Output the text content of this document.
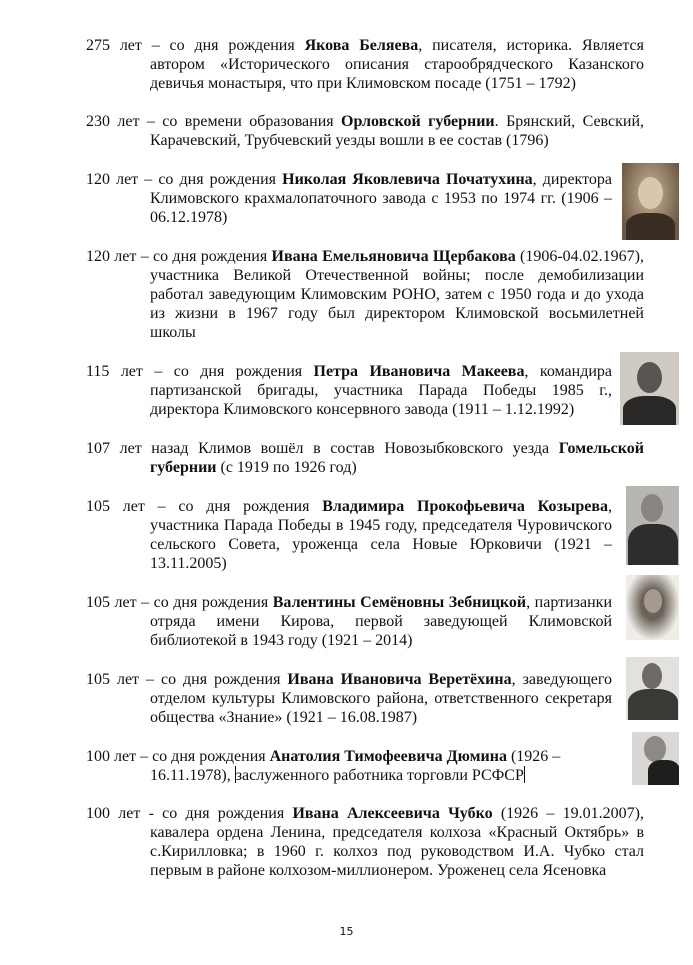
275 лет – со дня рождения Якова Беляева, писателя, историка. Является автором «Исторического описания старообрядческого Казанского девичья монастыря, что при Климовском посаде (1751 – 1792)
230 лет – со времени образования Орловской губернии. Брянский, Севский, Карачевский, Трубчевский уезды вошли в ее состав (1796)
120 лет – со дня рождения Николая Яковлевича Початухина, директора Климовского крахмалопаточного завода с 1953 по 1974 гг. (1906 – 06.12.1978)
120 лет – со дня рождения Ивана Емельяновича Щербакова (1906-04.02.1967), участника Великой Отечественной войны; после демобилизации работал заведующим Климовским РОНО, затем с 1950 года и до ухода из жизни в 1967 году был директором Климовской восьмилетней школы
115 лет – со дня рождения Петра Ивановича Макеева, командира партизанской бригады, участника Парада Победы 1985 г., директора Климовского консервного завода (1911 – 1.12.1992)
107 лет назад Климов вошёл в состав Новозыбковского уезда Гомельской губернии (с 1919 по 1926 год)
105 лет – со дня рождения Владимира Прокофьевича Козырева, участника Парада Победы в 1945 году, председателя Чуровичского сельского Совета, уроженца села Новые Юрковичи (1921 – 13.11.2005)
105 лет – со дня рождения Валентины Семёновны Зебницкой, партизанки отряда имени Кирова, первой заведующей Климовской библиотекой в 1943 году (1921 – 2014)
105 лет – со дня рождения Ивана Ивановича Веретёхина, заведующего отделом культуры Климовского района, ответственного секретаря общества «Знание» (1921 – 16.08.1987)
100 лет – со дня рождения Анатолия Тимофеевича Дюмина (1926 – 16.11.1978), заслуженного работника торговли РСФСР
100 лет - со дня рождения Ивана Алексеевича Чубко (1926 – 19.01.2007), кавалера ордена Ленина, председателя колхоза «Красный Октябрь» в с.Кирилловка; в 1960 г. колхоз под руководством И.А. Чубко стал первым в районе колхозом-миллионером. Уроженец села Ясеновка
15
